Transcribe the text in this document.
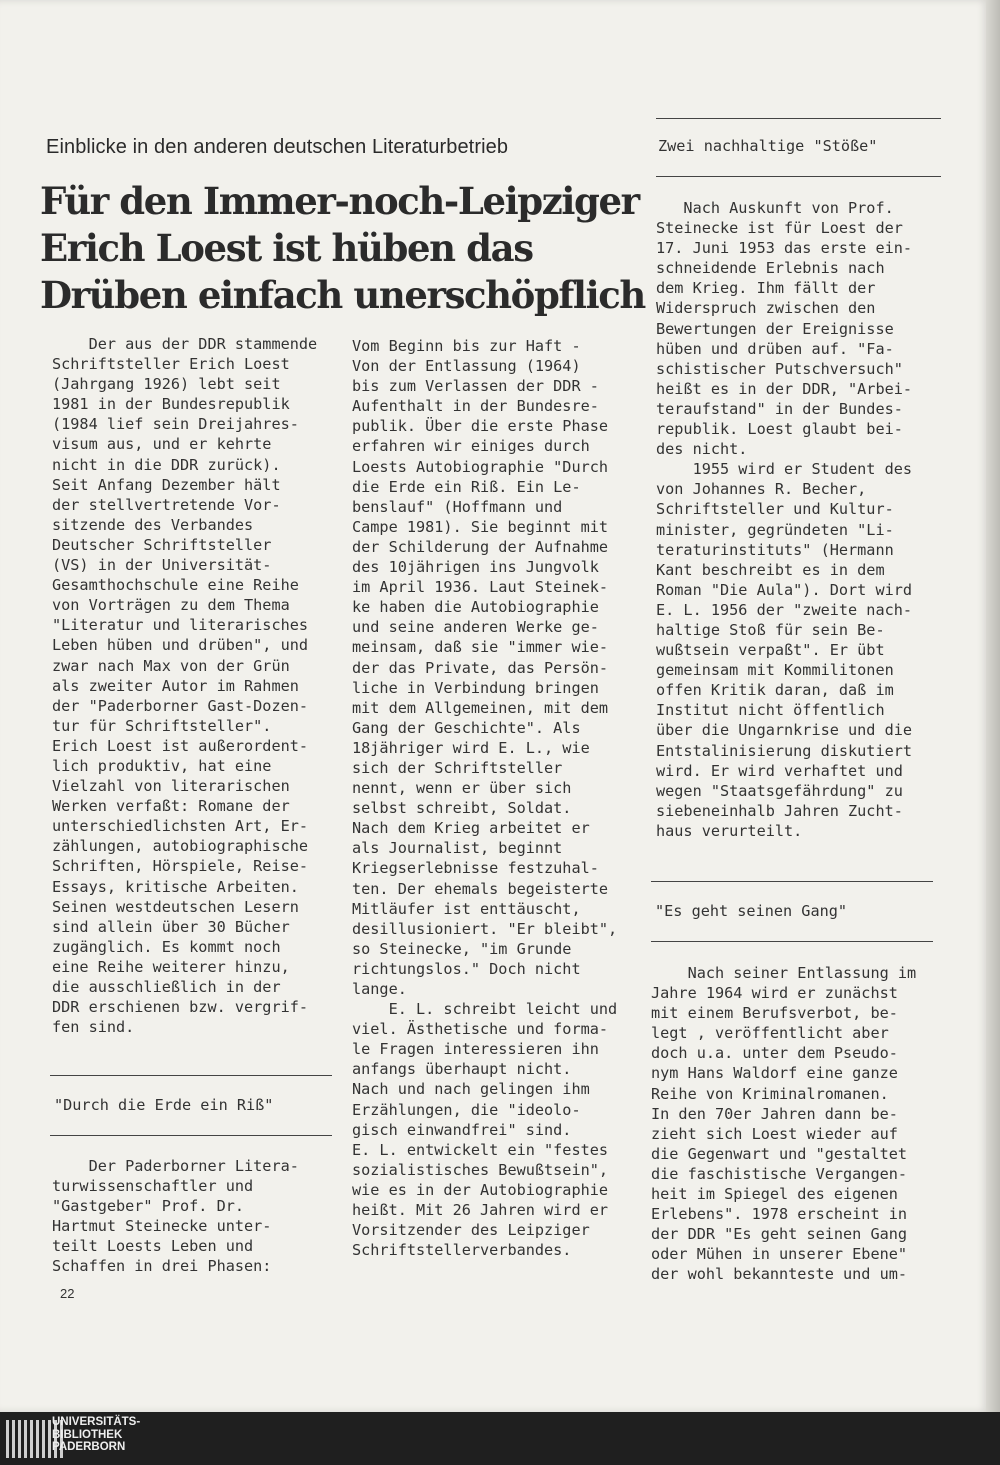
Einblicke in den anderen deutschen Literaturbetrieb
Für den Immer-noch-Leipziger
Erich Loest ist hüben das
Drüben einfach unerschöpflich

Der aus der DDR stammende

Schriftsteller Erich Loest

(Jahrgang 1926) lebt seit

1981 in der Bundesrepublik

(1984 lief sein Dreijahres-

visum aus, und er kehrte

nicht in die DDR zurück).

Seit Anfang Dezember hält

der stellvertretende Vor-

sitzende des Verbandes

Deutscher Schriftsteller

(VS) in der Universität-

Gesamthochschule eine Reihe

von Vorträgen zu dem Thema

"Literatur und literarisches

Leben hüben und drüben", und

zwar nach Max von der Grün

als zweiter Autor im Rahmen

der "Paderborner Gast-Dozen-

tur für Schriftsteller".

Erich Loest ist außerordent-

lich produktiv, hat eine

Vielzahl von literarischen

Werken verfaßt: Romane der

unterschiedlichsten Art, Er-

zählungen, autobiographische

Schriften, Hörspiele, Reise-

Essays, kritische Arbeiten.

Seinen westdeutschen Lesern

sind allein über 30 Bücher

zugänglich. Es kommt noch

eine Reihe weiterer hinzu,

die ausschließlich in der

DDR erschienen bzw. vergrif-

fen sind.

"Durch die Erde ein Riß"

Der Paderborner Litera-

turwissenschaftler und

"Gastgeber" Prof. Dr.

Hartmut Steinecke unter-

teilt Loests Leben und

Schaffen in drei Phasen:

Vom Beginn bis zur Haft -

Von der Entlassung (1964)

bis zum Verlassen der DDR -

Aufenthalt in der Bundesre-

publik. Über die erste Phase

erfahren wir einiges durch

Loests Autobiographie "Durch

die Erde ein Riß. Ein Le-

benslauf" (Hoffmann und

Campe 1981). Sie beginnt mit

der Schilderung der Aufnahme

des 10jährigen ins Jungvolk

im April 1936. Laut Steinek-

ke haben die Autobiographie

und seine anderen Werke ge-

meinsam, daß sie "immer wie-

der das Private, das Persön-

liche in Verbindung bringen

mit dem Allgemeinen, mit dem

Gang der Geschichte". Als

18jähriger wird E. L., wie

sich der Schriftsteller

nennt, wenn er über sich

selbst schreibt, Soldat.

Nach dem Krieg arbeitet er

als Journalist, beginnt

Kriegserlebnisse festzuhal-

ten. Der ehemals begeisterte

Mitläufer ist enttäuscht,

desillusioniert. "Er bleibt",

so Steinecke, "im Grunde

richtungslos." Doch nicht

lange.

E. L. schreibt leicht und

viel. Ästhetische und forma-

le Fragen interessieren ihn

anfangs überhaupt nicht.

Nach und nach gelingen ihm

Erzählungen, die "ideolo-

gisch einwandfrei" sind.

E. L. entwickelt ein "festes

sozialistisches Bewußtsein",

wie es in der Autobiographie

heißt. Mit 26 Jahren wird er

Vorsitzender des Leipziger

Schriftstellerverbandes.

Zwei nachhaltige "Stöße"

Nach Auskunft von Prof.

Steinecke ist für Loest der

17. Juni 1953 das erste ein-

schneidende Erlebnis nach

dem Krieg. Ihm fällt der

Widerspruch zwischen den

Bewertungen der Ereignisse

hüben und drüben auf. "Fa-

schistischer Putschversuch"

heißt es in der DDR, "Arbei-

teraufstand" in der Bundes-

republik. Loest glaubt bei-

des nicht.

1955 wird er Student des

von Johannes R. Becher,

Schriftsteller und Kultur-

minister, gegründeten "Li-

teraturinstituts" (Hermann

Kant beschreibt es in dem

Roman "Die Aula"). Dort wird

E. L. 1956 der "zweite nach-

haltige Stoß für sein Be-

wußtsein verpaßt". Er übt

gemeinsam mit Kommilitonen

offen Kritik daran, daß im

Institut nicht öffentlich

über die Ungarnkrise und die

Entstalinisierung diskutiert

wird. Er wird verhaftet und

wegen "Staatsgefährdung" zu

siebeneinhalb Jahren Zucht-

haus verurteilt.

"Es geht seinen Gang"

Nach seiner Entlassung im

Jahre 1964 wird er zunächst

mit einem Berufsverbot, be-

legt , veröffentlicht aber

doch u.a. unter dem Pseudo-

nym Hans Waldorf eine ganze

Reihe von Kriminalromanen.

In den 70er Jahren dann be-

zieht sich Loest wieder auf

die Gegenwart und "gestaltet

die faschistische Vergangen-

heit im Spiegel des eigenen

Erlebens". 1978 erscheint in

der DDR "Es geht seinen Gang

oder Mühen in unserer Ebene"

der wohl bekannteste und um-

22
UNIVERSITÄTS-
BIBLIOTHEK
PADERBORN
